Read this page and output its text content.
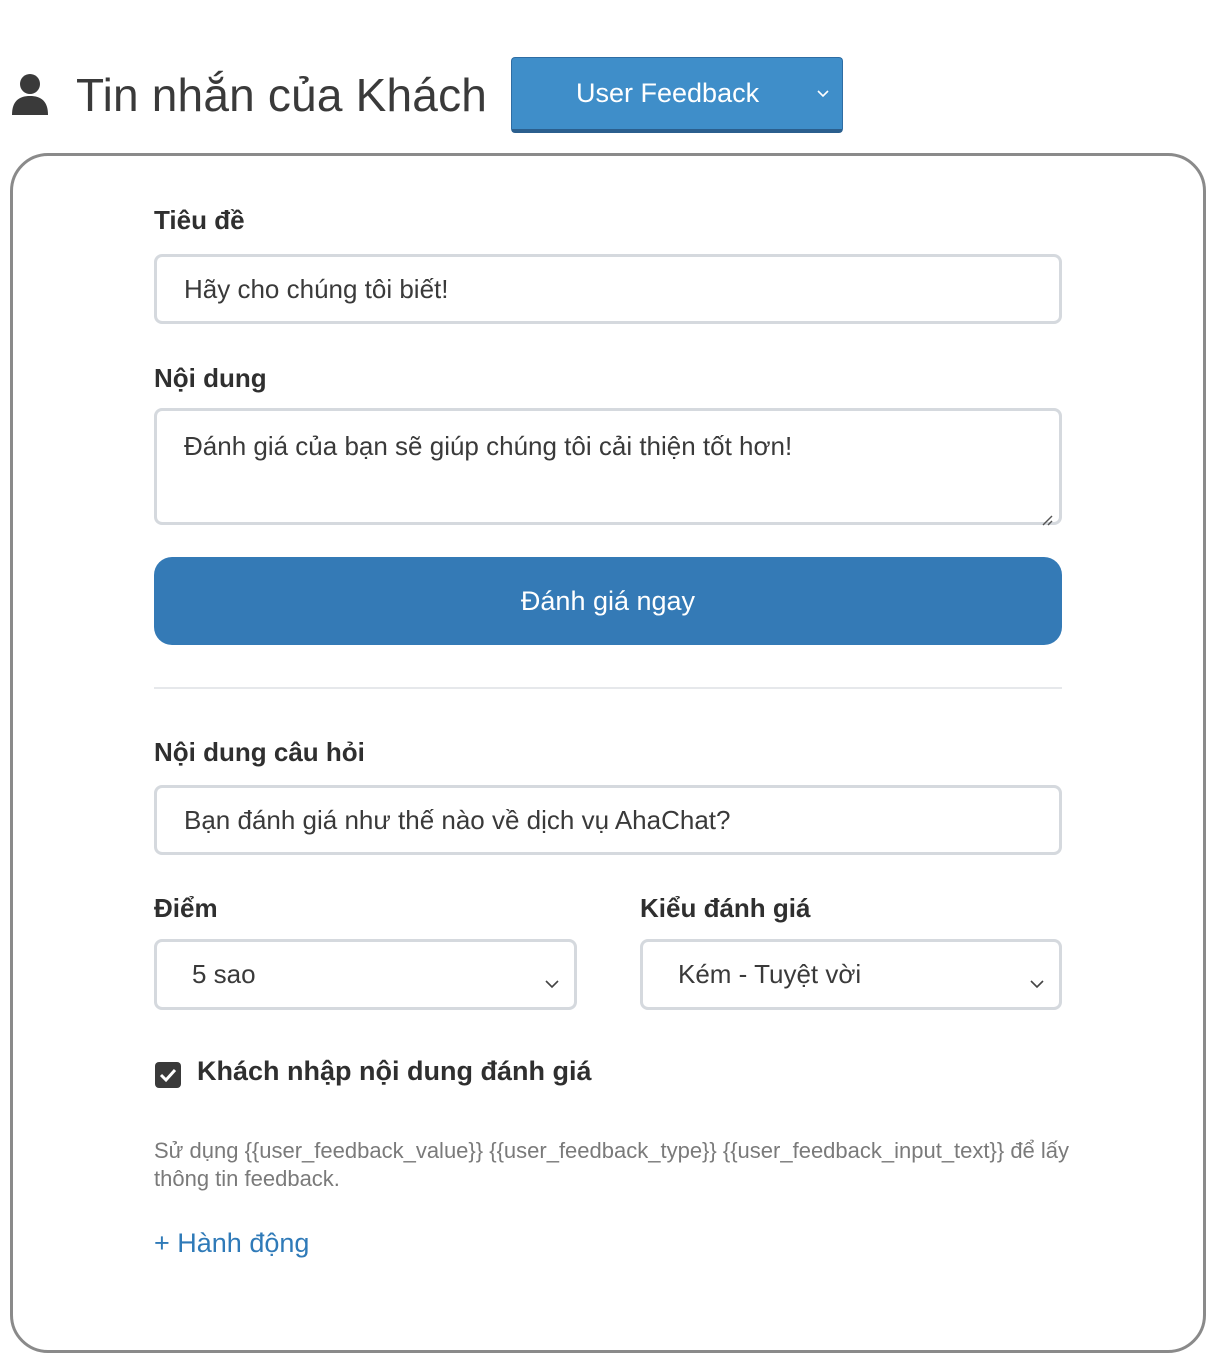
Tin nhắn của Khách	User Feedback
Tiêu đề
Hãy cho chúng tôi biết!
Nội dung
Đánh giá của bạn sẽ giúp chúng tôi cải thiện tốt hơn!
Đánh giá ngay
Nội dung câu hỏi
Bạn đánh giá như thế nào về dịch vụ AhaChat?
Điểm
5 sao
Kiểu đánh giá
Kém - Tuyệt vời
Khách nhập nội dung đánh giá
Sử dụng {{user_feedback_value}} {{user_feedback_type}} {{user_feedback_input_text}} để lấy thông tin feedback.
+ Hành động
